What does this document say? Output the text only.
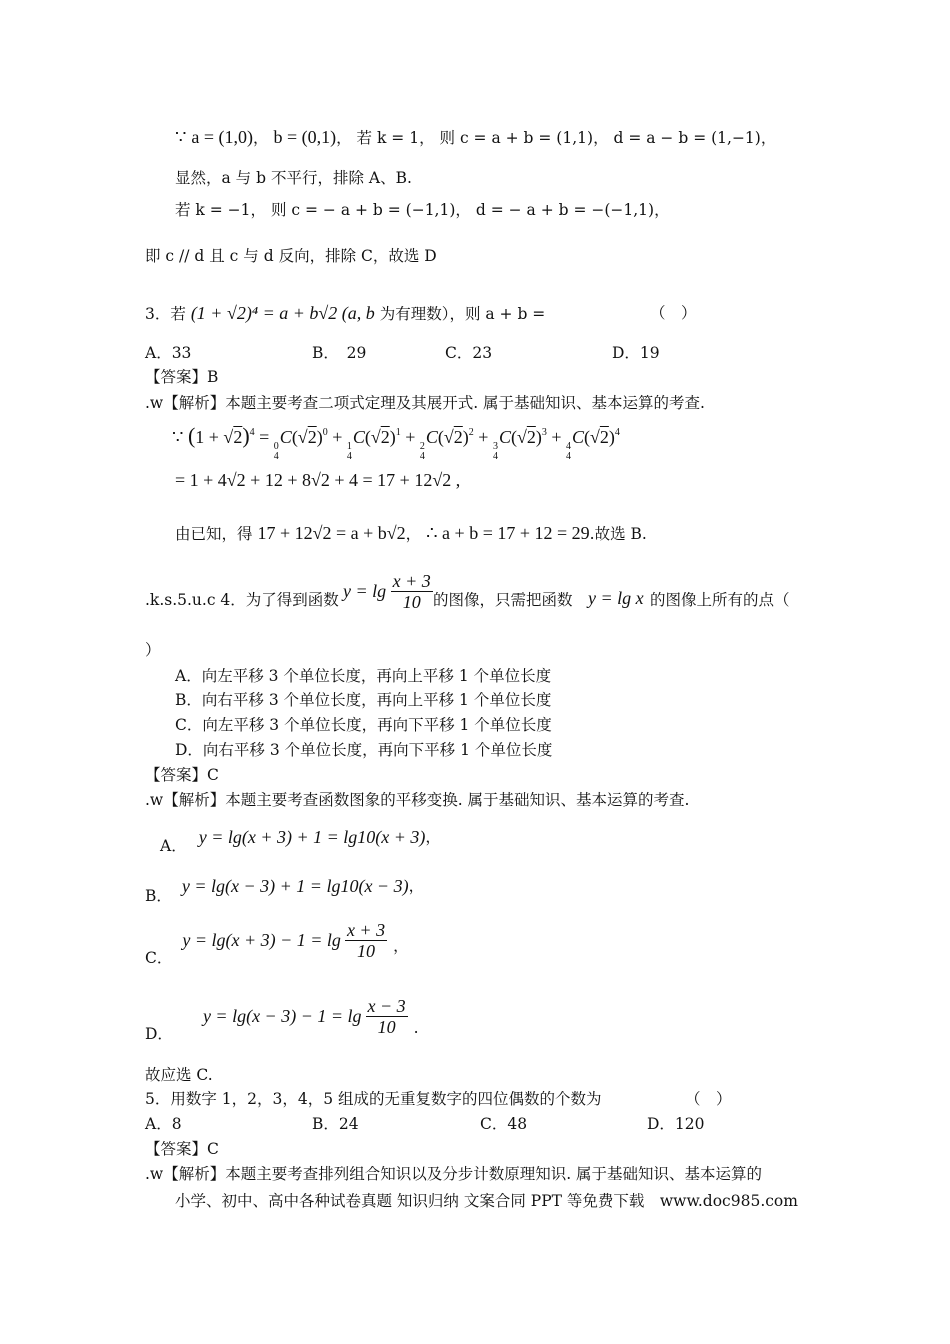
∵ a = (1,0)， b = (0,1)， 若 k = 1， 则 c = a + b = (1,1)， d = a − b = (1,−1)，
显然，a 与 b 不平行，排除 A、B.
若 k = −1， 则 c = − a + b = (−1,1)， d = − a + b = −(−1,1)，
即 c // d 且 c 与 d 反向，排除 C，故选 D
3．若 (1 + √2)⁴ = a + b√2 (a, b 为有理数），则 a + b =	（　）
A．33	B．　29	C．23	D．19
【答案】B
.w【解析】本题主要考查二项式定理及其展开式. 属于基础知识、基本运算的考查.
∵ $(1 + √2)^4 = 0$
4
$C(√2)^0 + 1$
4
$C(√2)^1 + 2$
4
$C(√2)^2 + 3$
4
$C(√2)^3 + 4$
4
$C(√2)^4$
= 1 + 4√2 + 12 + 8√2 + 4 = 17 + 12√2 ,
由已知，得 17 + 12√2 = a + b√2， ∴ a + b = 17 + 12 = 29.故选 B.
.k.s.5.u.c 4．为了得到函数 y = lg
$\frac{x + 3}{10}$ 的图像，只需把函数 y = lg x 的图像上所有的点（
）
A．向左平移 3 个单位长度，再向上平移 1 个单位长度
B．向右平移 3 个单位长度，再向上平移 1 个单位长度
C．向左平移 3 个单位长度，再向下平移 1 个单位长度
D．向右平移 3 个单位长度，再向下平移 1 个单位长度
【答案】C
.w【解析】本题主要考查函数图象的平移变换. 属于基础知识、基本运算的考查.
A． y = lg(x + 3) + 1 = lg10(x + 3) ，
B． y = lg(x − 3) + 1 = lg10(x − 3) ，
C．
$y = \lg(x + 3) - 1 = \lg \frac{x + 3}{10}$ ，
D．
$y = \lg(x - 3) - 1 = \lg \frac{x - 3}{10}$ .
故应选 C.
5．用数字 1，2，3，4，5 组成的无重复数字的四位偶数的个数为	（　）
A．8	B．24	C．48	D．120
【答案】C
.w【解析】本题主要考查排列组合知识以及分步计数原理知识. 属于基础知识、基本运算的
小学、初中、高中各种试卷真题 知识归纳 文案合同 PPT 等免费下载　www.doc985.com
